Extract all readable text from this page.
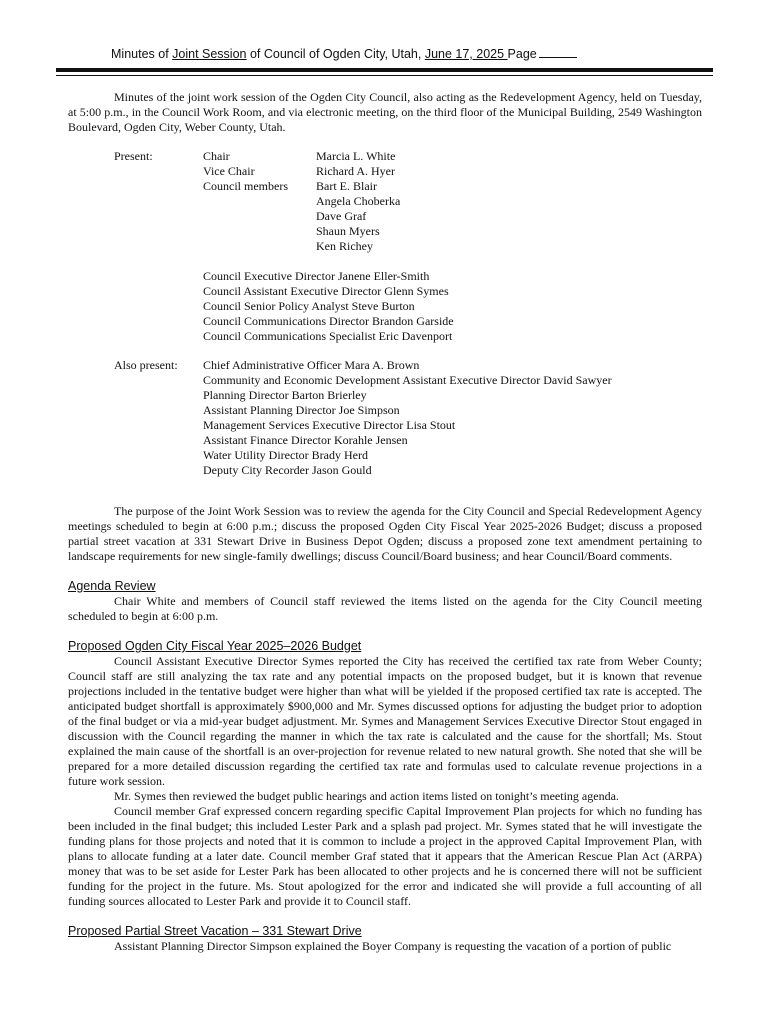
Minutes of Joint Session of Council of Ogden City, Utah, June 17, 2025 Page

Minutes of the joint work session of the Ogden City Council, also acting as the Redevelopment Agency, held on Tuesday, at 5:00 p.m., in the Council Work Room, and via electronic meeting, on the third floor of the Municipal Building, 2549 Washington Boulevard, Ogden City, Weber County, Utah.

Present:	Chair	Marcia L. White
Vice Chair	Richard A. Hyer
Council members	Bart E. Blair
Angela Choberka
Dave Graf
Shaun Myers
Ken Richey
Council Executive Director Janene Eller-Smith
Council Assistant Executive Director Glenn Symes
Council Senior Policy Analyst Steve Burton
Council Communications Director Brandon Garside
Council Communications Specialist Eric Davenport
Also present:	Chief Administrative Officer Mara A. Brown
Community and Economic Development Assistant Executive Director David Sawyer
Planning Director Barton Brierley
Assistant Planning Director Joe Simpson
Management Services Executive Director Lisa Stout
Assistant Finance Director Korahle Jensen
Water Utility Director Brady Herd
Deputy City Recorder Jason Gould

The purpose of the Joint Work Session was to review the agenda for the City Council and Special Redevelopment Agency meetings scheduled to begin at 6:00 p.m.; discuss the proposed Ogden City Fiscal Year 2025-2026 Budget; discuss a proposed partial street vacation at 331 Stewart Drive in Business Depot Ogden; discuss a proposed zone text amendment pertaining to landscape requirements for new single-family dwellings; discuss Council/Board business; and hear Council/Board comments.

Agenda Review

Chair White and members of Council staff reviewed the items listed on the agenda for the City Council meeting scheduled to begin at 6:00 p.m.

Proposed Ogden City Fiscal Year 2025–2026 Budget

Council Assistant Executive Director Symes reported the City has received the certified tax rate from Weber County; Council staff are still analyzing the tax rate and any potential impacts on the proposed budget, but it is known that revenue projections included in the tentative budget were higher than what will be yielded if the proposed certified tax rate is accepted. The anticipated budget shortfall is approximately $900,000 and Mr. Symes discussed options for adjusting the budget prior to adoption of the final budget or via a mid-year budget adjustment. Mr. Symes and Management Services Executive Director Stout engaged in discussion with the Council regarding the manner in which the tax rate is calculated and the cause for the shortfall; Ms. Stout explained the main cause of the shortfall is an over-projection for revenue related to new natural growth. She noted that she will be prepared for a more detailed discussion regarding the certified tax rate and formulas used to calculate revenue projections in a future work session.

Mr. Symes then reviewed the budget public hearings and action items listed on tonight’s meeting agenda.

Council member Graf expressed concern regarding specific Capital Improvement Plan projects for which no funding has been included in the final budget; this included Lester Park and a splash pad project. Mr. Symes stated that he will investigate the funding plans for those projects and noted that it is common to include a project in the approved Capital Improvement Plan, with plans to allocate funding at a later date. Council member Graf stated that it appears that the American Rescue Plan Act (ARPA) money that was to be set aside for Lester Park has been allocated to other projects and he is concerned there will not be sufficient funding for the project in the future. Ms. Stout apologized for the error and indicated she will provide a full accounting of all funding sources allocated to Lester Park and provide it to Council staff.

Proposed Partial Street Vacation – 331 Stewart Drive

Assistant Planning Director Simpson explained the Boyer Company is requesting the vacation of a portion of public
